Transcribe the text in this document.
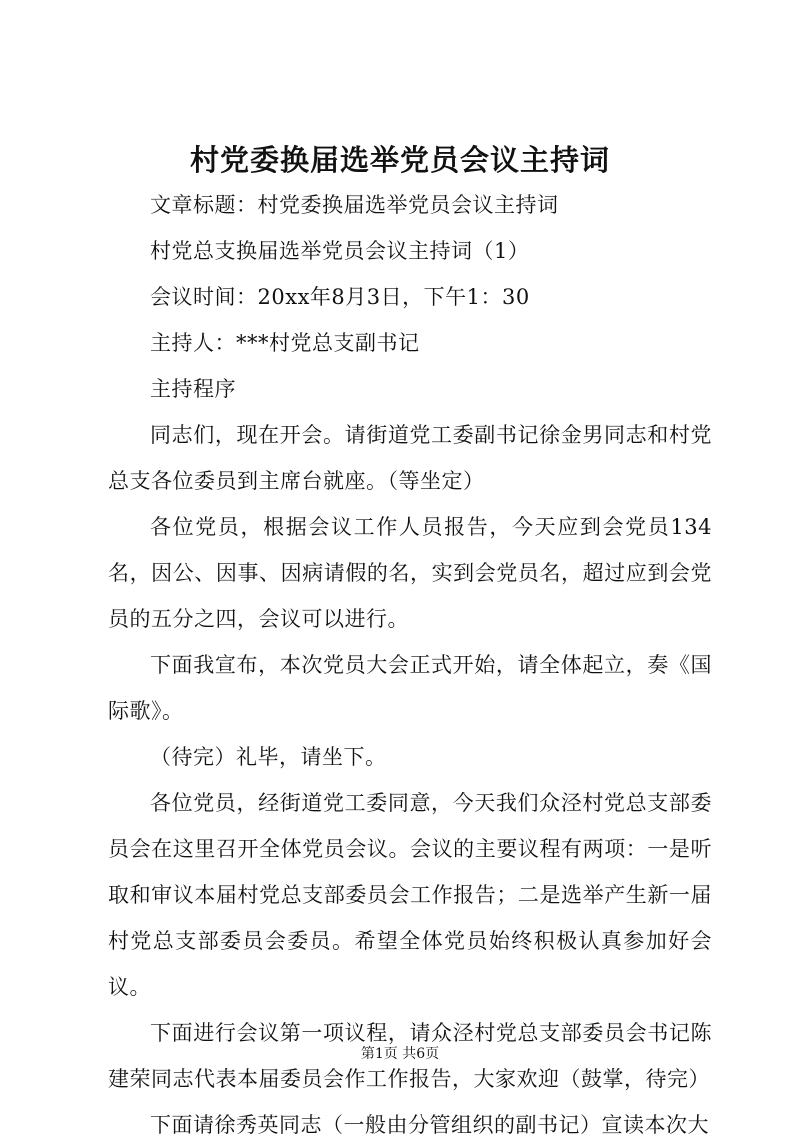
村党委换届选举党员会议主持词

文章标题：村党委换届选举党员会议主持词

村党总支换届选举党员会议主持词（1）

会议时间：20xx年8月3日，下午1：30

主持人：***村党总支副书记

主持程序

同志们，现在开会。请街道党工委副书记徐金男同志和村党总支各位委员到主席台就座。（等坐定）

各位党员，根据会议工作人员报告，今天应到会党员134名，因公、因事、因病请假的名，实到会党员名，超过应到会党员的五分之四，会议可以进行。

下面我宣布，本次党员大会正式开始，请全体起立，奏《国际歌》。

（待完）礼毕，请坐下。

各位党员，经街道党工委同意，今天我们众泾村党总支部委员会在这里召开全体党员会议。会议的主要议程有两项：一是听取和审议本届村党总支部委员会工作报告；二是选举产生新一届村党总支部委员会委员。希望全体党员始终积极认真参加好会议。

下面进行会议第一项议程，请众泾村党总支部委员会书记陈建荣同志代表本届委员会作工作报告，大家欢迎（鼓掌，待完）

下面请徐秀英同志（一般由分管组织的副书记）宣读本次大

第1页 共6页
